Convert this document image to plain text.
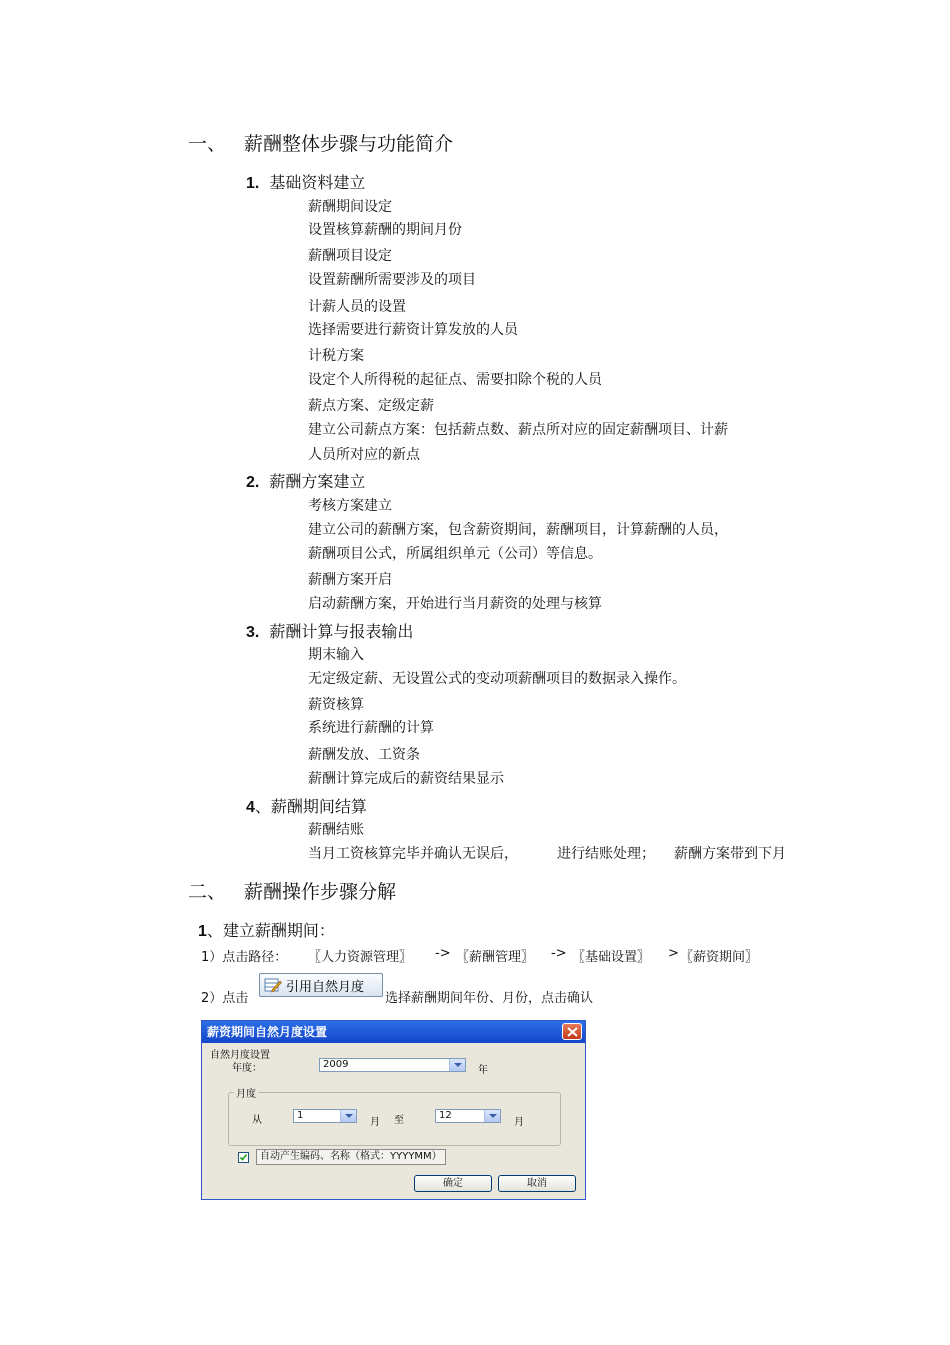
一、 薪酬整体步骤与功能简介
1. 基础资料建立
薪酬期间设定
设置核算薪酬的期间月份
薪酬项目设定
设置薪酬所需要涉及的项目
计薪人员的设置
选择需要进行薪资计算发放的人员
计税方案
设定个人所得税的起征点、需要扣除个税的人员
薪点方案、定级定薪
建立公司薪点方案：包括薪点数、薪点所对应的固定薪酬项目、计薪
人员所对应的新点
2. 薪酬方案建立
考核方案建立
建立公司的薪酬方案，包含薪资期间，薪酬项目，计算薪酬的人员，
薪酬项目公式，所属组织单元（公司）等信息。
薪酬方案开启
启动薪酬方案，开始进行当月薪资的处理与核算
3. 薪酬计算与报表输出
期末输入
无定级定薪、无设置公式的变动项薪酬项目的数据录入操作。
薪资核算
系统进行薪酬的计算
薪酬发放、工资条
薪酬计算完成后的薪资结果显示
4、薪酬期间结算
薪酬结账
当月工资核算完毕并确认无误后，	进行结账处理； 薪酬方案带到下月
二、 薪酬操作步骤分解
1、建立薪酬期间：
1）点击路径： 〖人力资源管理〗 -> 〖薪酬管理〗 -> 〖基础设置〗 > 〖薪资期间〗
2）点击
引用自然月度
选择薪酬期间年份、月份，点击确认
薪资期间自然月度设置
自然月度设置
年度：	2009
年
月度
从	1
月 至	12
月
自动产生编码、名称（格式：YYYYMM）
确定	取消
